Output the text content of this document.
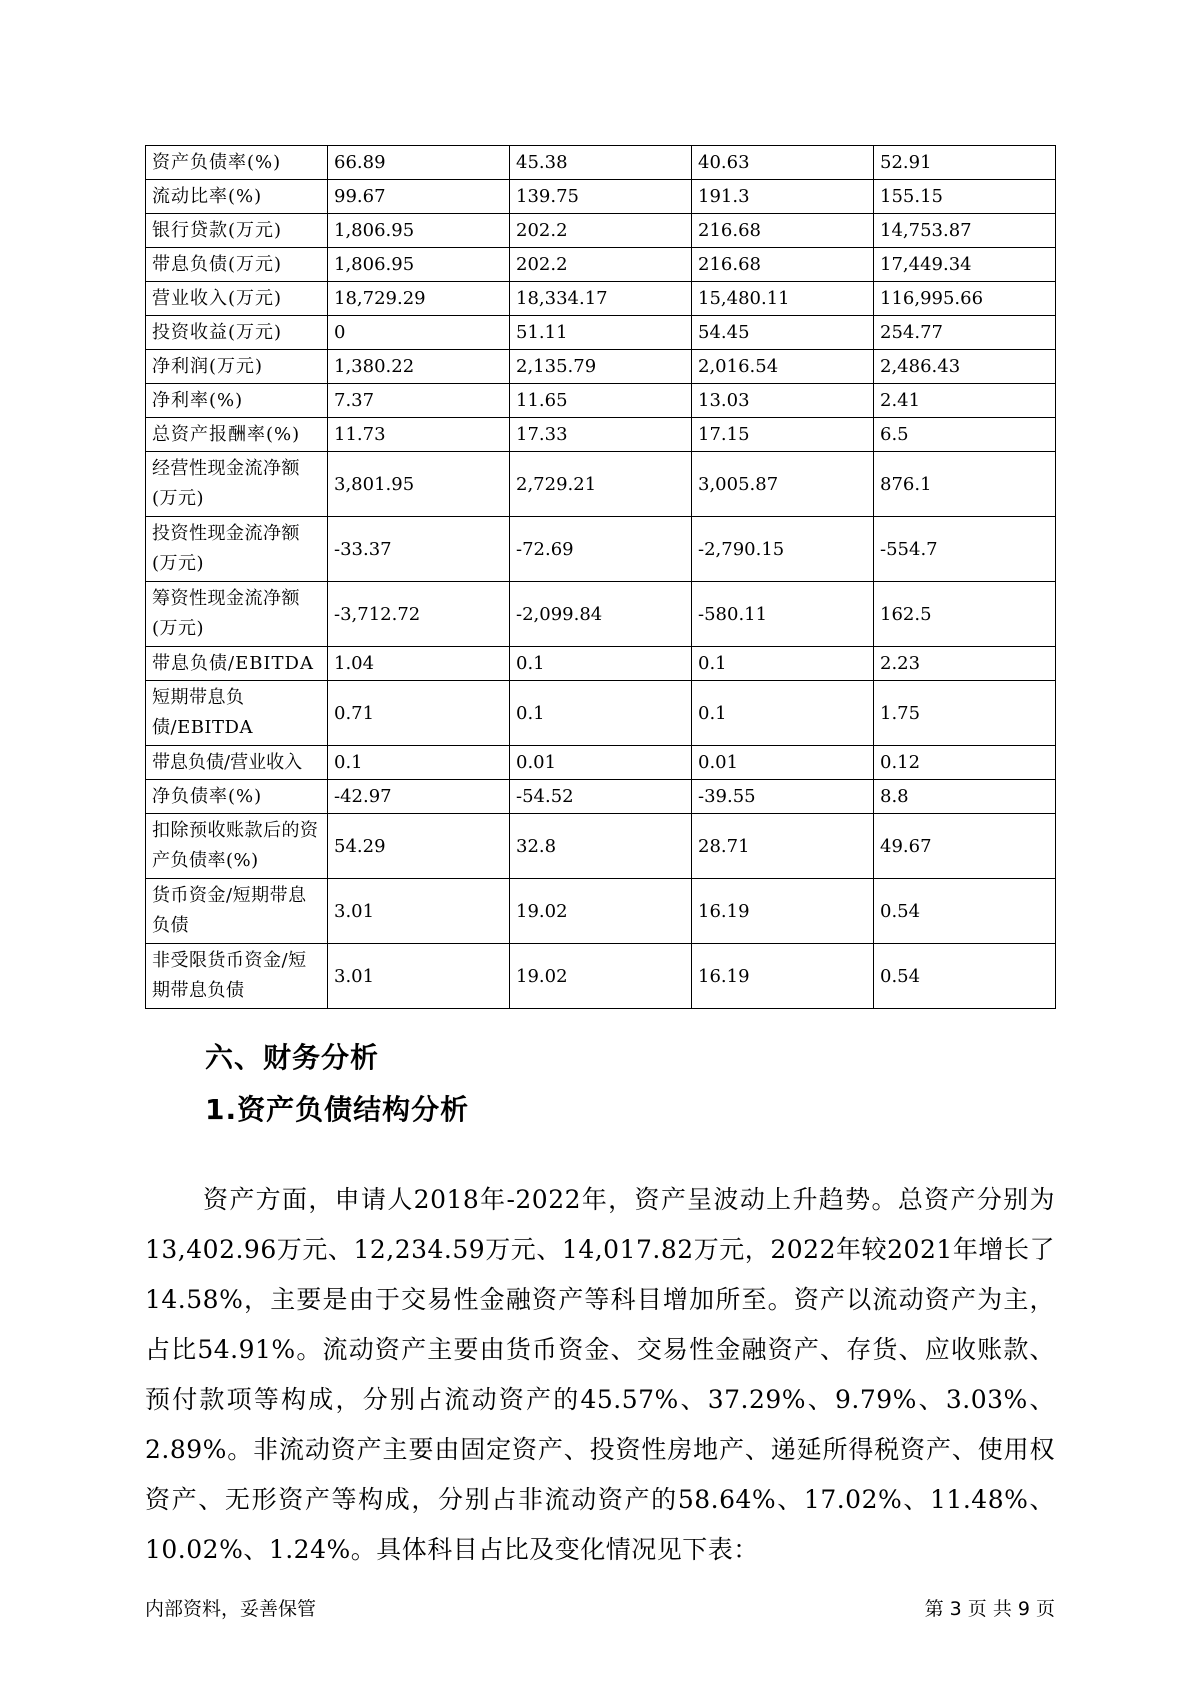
资产负债率(%)	66.89	45.38	40.63	52.91
流动比率(%)	99.67	139.75	191.3	155.15
银行贷款(万元)	1,806.95	202.2	216.68	14,753.87
带息负债(万元)	1,806.95	202.2	216.68	17,449.34
营业收入(万元)	18,729.29	18,334.17	15,480.11	116,995.66
投资收益(万元)	0	51.11	54.45	254.77
净利润(万元)	1,380.22	2,135.79	2,016.54	2,486.43
净利率(%)	7.37	11.65	13.03	2.41
总资产报酬率(%)	11.73	17.33	17.15	6.5
经营性现金流净额(万元)	3,801.95	2,729.21	3,005.87	876.1
投资性现金流净额(万元)	-33.37	-72.69	-2,790.15	-554.7
筹资性现金流净额(万元)	-3,712.72	-2,099.84	-580.11	162.5
带息负债/EBITDA	1.04	0.1	0.1	2.23
短期带息负债/EBITDA	0.71	0.1	0.1	1.75
带息负债/营业收入	0.1	0.01	0.01	0.12
净负债率(%)	-42.97	-54.52	-39.55	8.8
扣除预收账款后的资产负债率(%)	54.29	32.8	28.71	49.67
货币资金/短期带息负债	3.01	19.02	16.19	0.54
非受限货币资金/短期带息负债	3.01	19.02	16.19	0.54
六、财务分析
1.资产负债结构分析

资产方面，申请人2018年-2022年，资产呈波动上升趋势。总资产分别为13,402.96万元、12,234.59万元、14,017.82万元，2022年较2021年增长了14.58%，主要是由于交易性金融资产等科目增加所至。资产以流动资产为主，占比54.91%。流动资产主要由货币资金、交易性金融资产、存货、应收账款、预付款项等构成，分别占流动资产的45.57%、37.29%、9.79%、3.03%、2.89%。非流动资产主要由固定资产、投资性房地产、递延所得税资产、使用权资产、无形资产等构成，分别占非流动资产的58.64%、17.02%、11.48%、10.02%、1.24%。具体科目占比及变化情况见下表：

内部资料，妥善保管	第 3 页 共 9 页
